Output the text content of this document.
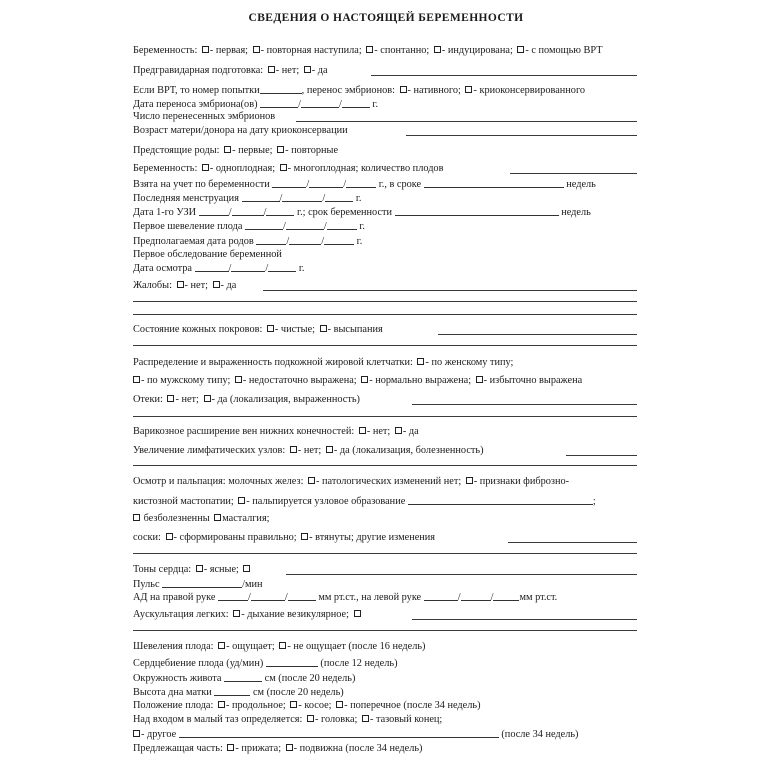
СВЕДЕНИЯ О НАСТОЯЩЕЙ БЕРЕМЕННОСТИ
Беременность: - первая; - повторная наступила; - спонтанно; - индуцирована; - с помощью ВРТ
Предгравидарная подготовка: - нет; - да
Если ВРТ, то номер попытки	, перенос эмбрионов: - нативного; - криоконсервированного
Дата переноса эмбриона(ов)	/	/	г.
Число перенесенных эмбрионов
Возраст матери/донора на дату криоконсервации
Предстоящие роды: - первые; - повторные
Беременность: - одноплодная; - многоплодная; количество плодов
Взята на учет по беременности	/	/	г., в сроке	недель
Последняя менструация	/	/	г.
Дата 1-го УЗИ	/	/	г.; срок беременности	недель
Первое шевеление плода	/	/	г.
Предполагаемая дата родов	/	/	г.
Первое обследование беременной
Дата осмотра	/	/	г.
Жалобы: - нет; - да
Состояние кожных покровов: - чистые; - высыпания
Распределение и выраженность подкожной жировой клетчатки: - по женскому типу;
- по мужскому типу; - недостаточно выражена; - нормально выражена; - избыточно выражена
Отеки: - нет; - да (локализация, выраженность)
Варикозное расширение вен нижних конечностей: - нет; - да
Увеличение лимфатических узлов: - нет; - да (локализация, болезненность)
Осмотр и пальпация: молочных желез: - патологических изменений нет; - признаки фиброзно-
кистозной мастопатии; - пальпируется узловое образование	;
безболезненны масталгия;
соски: - сформированы правильно; - втянуты; другие изменения
Тоны сердца: - ясные;
Пульс	/мин
АД на правой руке	/	/	мм рт.ст., на левой руке	/	/	мм рт.ст.
Аускультация легких: - дыхание везикулярное;
Шевеления плода: - ощущает; - не ощущает (после 16 недель)
Сердцебиение плода (уд/мин)	(после 12 недель)
Окружность живота	см (после 20 недель)
Высота дна матки	см (после 20 недель)
Положение плода: - продольное; - косое; - поперечное (после 34 недель)
Над входом в малый таз определяется: - головка; - тазовый конец;
- другое	(после 34 недель)
Предлежащая часть: - прижата; - подвижна (после 34 недель)
